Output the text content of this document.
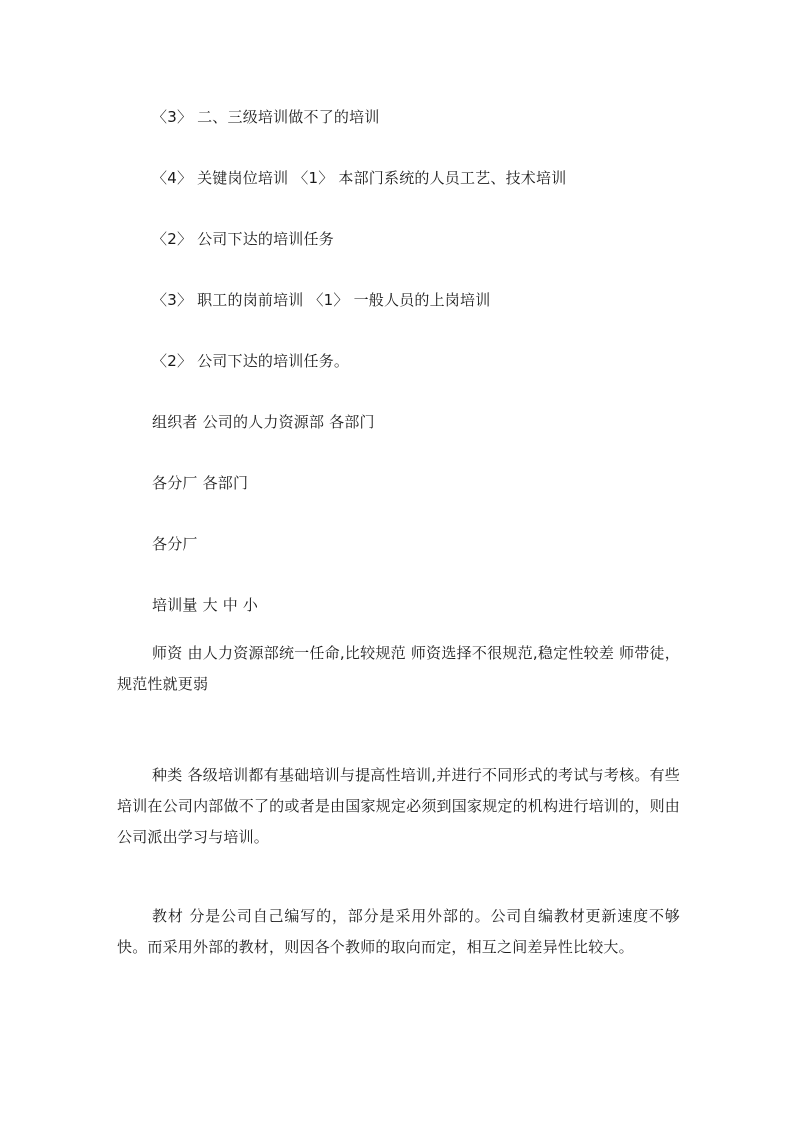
〈3〉 二、三级培训做不了的培训
〈4〉 关键岗位培训 〈1〉 本部门系统的人员工艺、技术培训
〈2〉 公司下达的培训任务
〈3〉 职工的岗前培训 〈1〉 一般人员的上岗培训
〈2〉 公司下达的培训任务。
组织者 公司的人力资源部 各部门
各分厂 各部门
各分厂
培训量 大 中 小

师资 由人力资源部统一任命,比较规范 师资选择不很规范,稳定性较差 师带徒，规范性就更弱

种类 各级培训都有基础培训与提高性培训,并进行不同形式的考试与考核。有些培训在公司内部做不了的或者是由国家规定必须到国家规定的机构进行培训的，则由公司派出学习与培训。

教材 分是公司自己编写的，部分是采用外部的。公司自编教材更新速度不够快。而采用外部的教材，则因各个教师的取向而定，相互之间差异性比较大。
